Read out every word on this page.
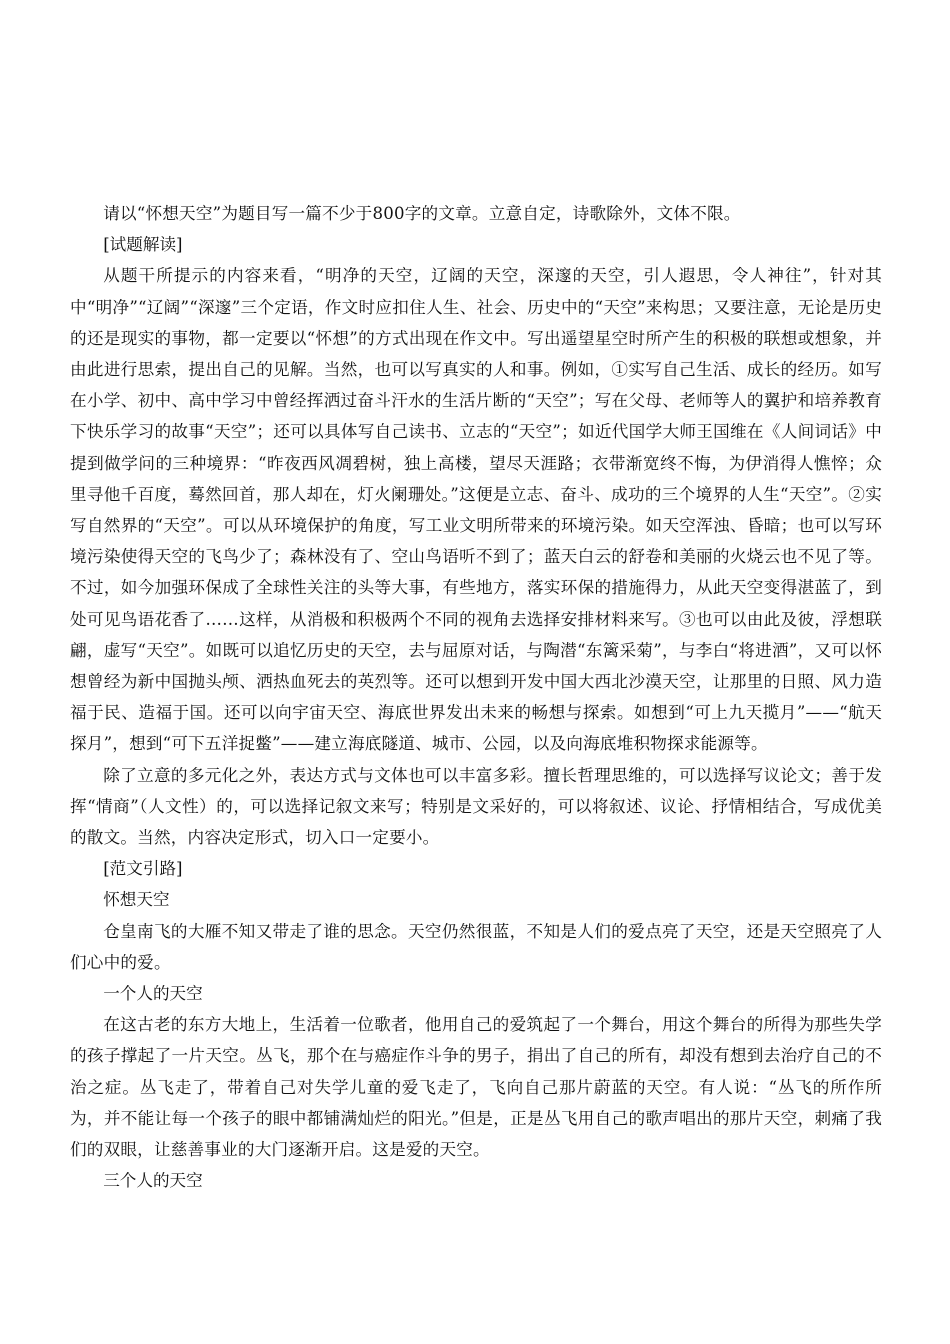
请以“怀想天空”为题目写一篇不少于800字的文章。立意自定，诗歌除外，文体不限。

[试题解读]

从题干所提示的内容来看，“明净的天空，辽阔的天空，深邃的天空，引人遐思，令人神往”，针对其中“明净”“辽阔”“深邃”三个定语，作文时应扣住人生、社会、历史中的“天空”来构思；又要注意，无论是历史的还是现实的事物，都一定要以“怀想”的方式出现在作文中。写出遥望星空时所产生的积极的联想或想象，并由此进行思索，提出自己的见解。当然，也可以写真实的人和事。例如，①实写自己生活、成长的经历。如写在小学、初中、高中学习中曾经挥洒过奋斗汗水的生活片断的“天空”；写在父母、老师等人的翼护和培养教育下快乐学习的故事“天空”；还可以具体写自己读书、立志的“天空”；如近代国学大师王国维在《人间词话》中提到做学问的三种境界：“昨夜西风凋碧树，独上高楼，望尽天涯路；衣带渐宽终不悔，为伊消得人憔悴；众里寻他千百度，蓦然回首，那人却在，灯火阑珊处。”这便是立志、奋斗、成功的三个境界的人生“天空”。②实写自然界的“天空”。可以从环境保护的角度，写工业文明所带来的环境污染。如天空浑浊、昏暗；也可以写环境污染使得天空的飞鸟少了；森林没有了、空山鸟语听不到了；蓝天白云的舒卷和美丽的火烧云也不见了等。不过，如今加强环保成了全球性关注的头等大事，有些地方，落实环保的措施得力，从此天空变得湛蓝了，到处可见鸟语花香了……这样，从消极和积极两个不同的视角去选择安排材料来写。③也可以由此及彼，浮想联翩，虚写“天空”。如既可以追忆历史的天空，去与屈原对话，与陶潜“东篱采菊”，与李白“将进酒”，又可以怀想曾经为新中国抛头颅、洒热血死去的英烈等。还可以想到开发中国大西北沙漠天空，让那里的日照、风力造福于民、造福于国。还可以向宇宙天空、海底世界发出未来的畅想与探索。如想到“可上九天揽月”——“航天探月”，想到“可下五洋捉鳖”——建立海底隧道、城市、公园，以及向海底堆积物探求能源等。

除了立意的多元化之外，表达方式与文体也可以丰富多彩。擅长哲理思维的，可以选择写议论文；善于发挥“情商”（人文性）的，可以选择记叙文来写；特别是文采好的，可以将叙述、议论、抒情相结合，写成优美的散文。当然，内容决定形式，切入口一定要小。

[范文引路]

怀想天空

仓皇南飞的大雁不知又带走了谁的思念。天空仍然很蓝，不知是人们的爱点亮了天空，还是天空照亮了人们心中的爱。

一个人的天空

在这古老的东方大地上，生活着一位歌者，他用自己的爱筑起了一个舞台，用这个舞台的所得为那些失学的孩子撑起了一片天空。丛飞，那个在与癌症作斗争的男子，捐出了自己的所有，却没有想到去治疗自己的不治之症。丛飞走了，带着自己对失学儿童的爱飞走了，飞向自己那片蔚蓝的天空。有人说：“丛飞的所作所为，并不能让每一个孩子的眼中都铺满灿烂的阳光。”但是，正是丛飞用自己的歌声唱出的那片天空，刺痛了我们的双眼，让慈善事业的大门逐渐开启。这是爱的天空。

三个人的天空
